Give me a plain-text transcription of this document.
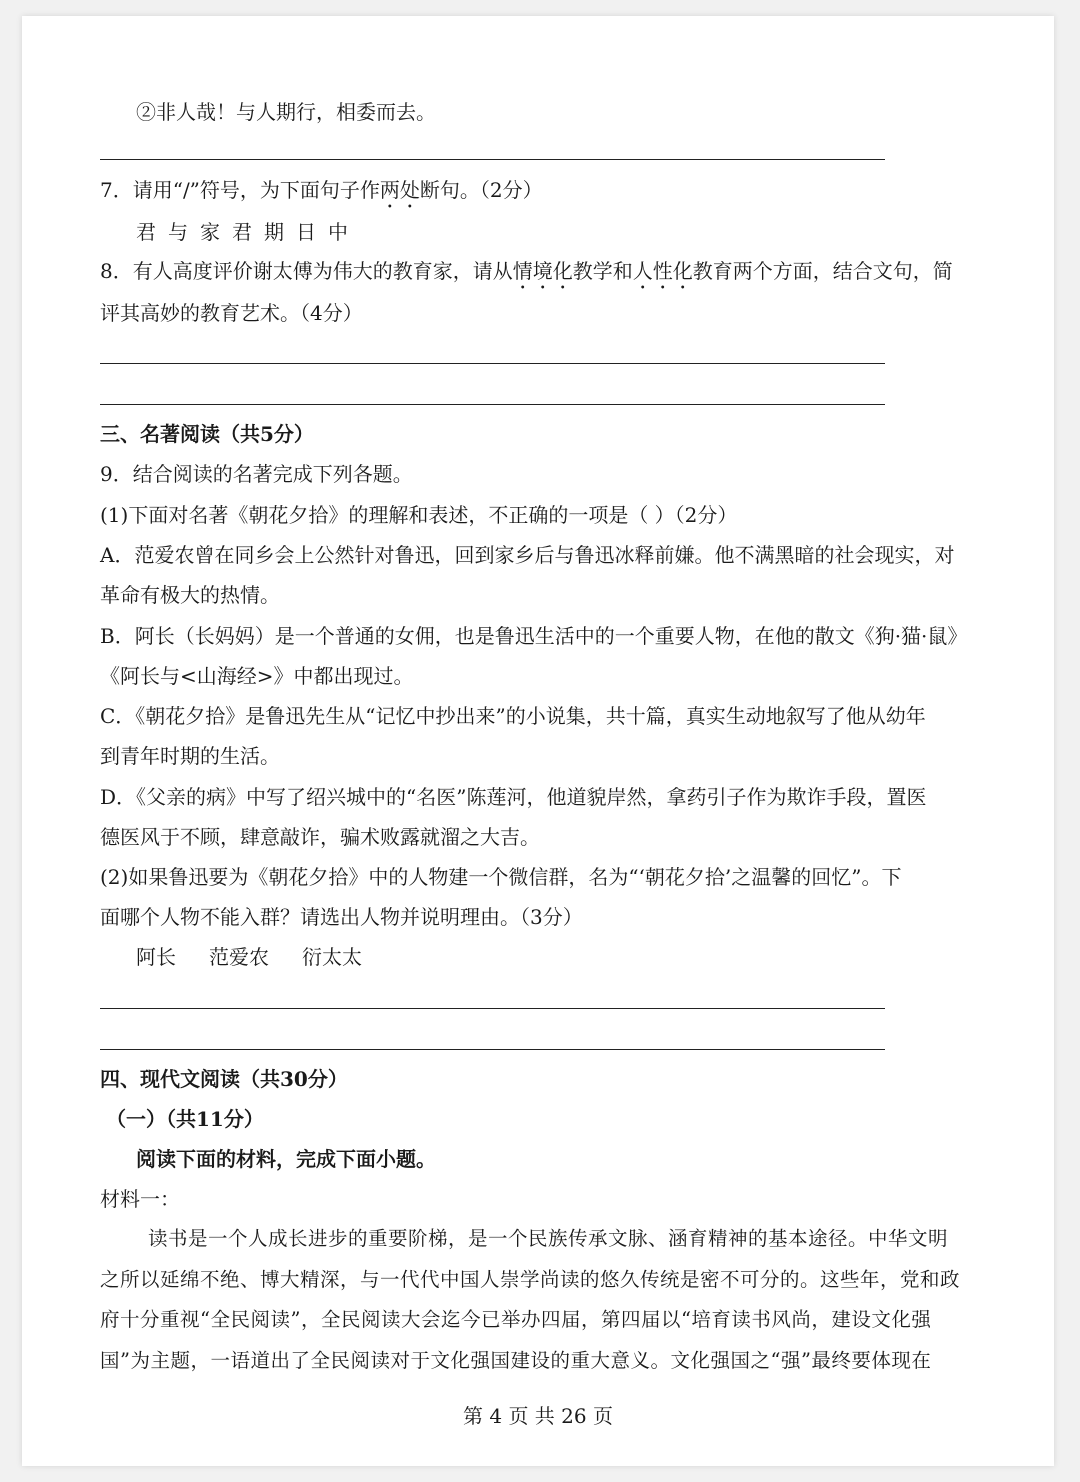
②非人哉！与人期行，相委而去。
7．请用“/”符号，为下面句子作两处断句。（2分）
君与家君期日中
8．有人高度评价谢太傅为伟大的教育家，请从情境化教学和人性化教育两个方面，结合文句，简
评其高妙的教育艺术。（4分）
三、名著阅读（共5分）
9．结合阅读的名著完成下列各题。
(1)下面对名著《朝花夕拾》的理解和表述，不正确的一项是（ ）（2分）
A．范爱农曾在同乡会上公然针对鲁迅，回到家乡后与鲁迅冰释前嫌。他不满黑暗的社会现实，对
革命有极大的热情。
B．阿长（长妈妈）是一个普通的女佣，也是鲁迅生活中的一个重要人物，在他的散文《狗·猫·鼠》
《阿长与<山海经>》中都出现过。
C．《朝花夕拾》是鲁迅先生从“记忆中抄出来”的小说集，共十篇，真实生动地叙写了他从幼年
到青年时期的生活。
D．《父亲的病》中写了绍兴城中的“名医”陈莲河，他道貌岸然，拿药引子作为欺诈手段，置医
德医风于不顾，肆意敲诈，骗术败露就溜之大吉。
(2)如果鲁迅要为《朝花夕拾》中的人物建一个微信群，名为“‘朝花夕拾’之温馨的回忆”。下
面哪个人物不能入群？请选出人物并说明理由。（3分）
阿长 范爱农 衍太太
四、现代文阅读（共30分）
（一）（共11分）
阅读下面的材料，完成下面小题。
材料一：
读书是一个人成长进步的重要阶梯，是一个民族传承文脉、涵育精神的基本途径。中华文明
之所以延绵不绝、博大精深，与一代代中国人崇学尚读的悠久传统是密不可分的。这些年，党和政
府十分重视“全民阅读”，全民阅读大会迄今已举办四届，第四届以“培育读书风尚，建设文化强
国”为主题，一语道出了全民阅读对于文化强国建设的重大意义。文化强国之“强”最终要体现在
第 4 页 共 26 页
